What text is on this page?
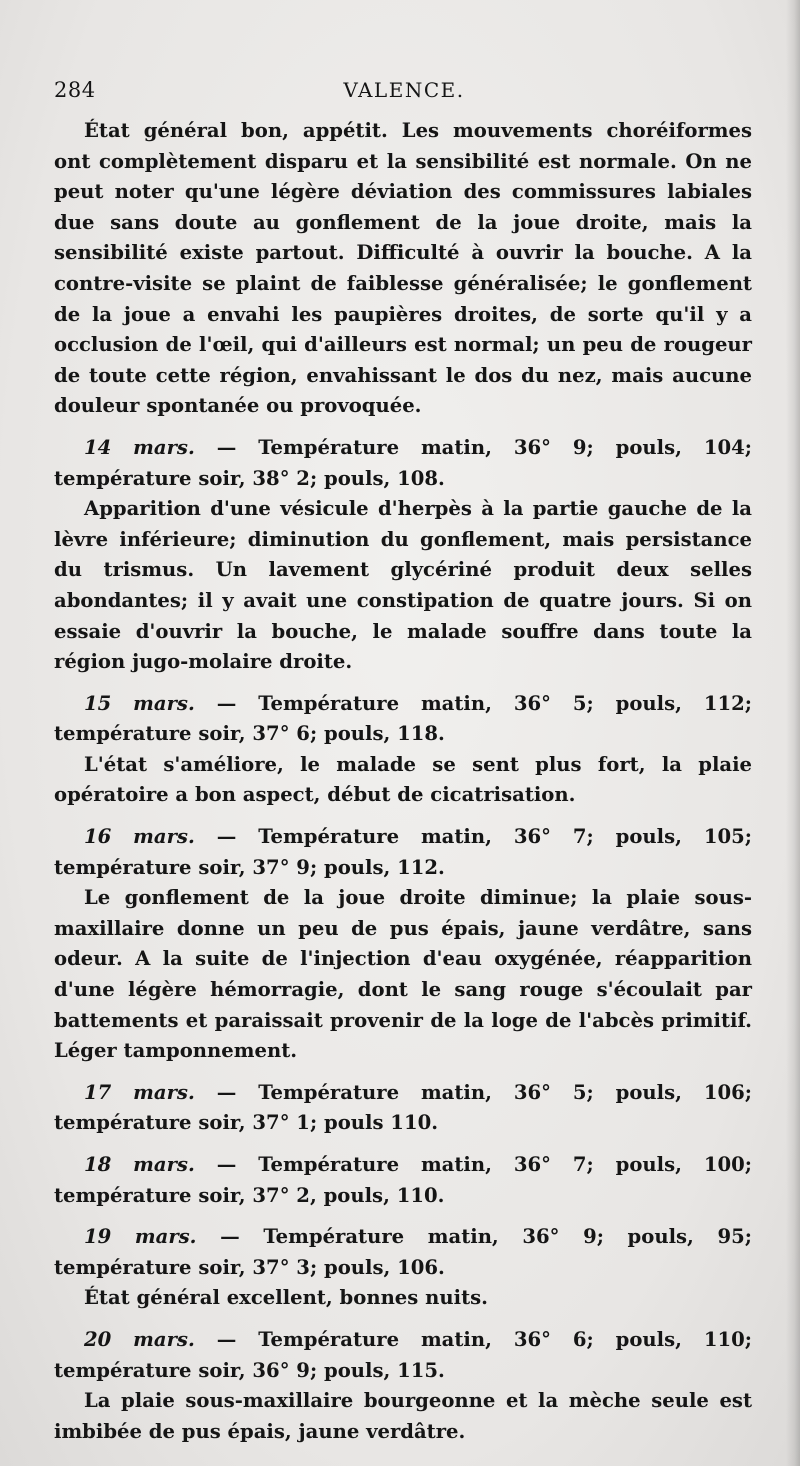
284	VALENCE.

État général bon, appétit. Les mouvements choréiformes ont complètement disparu et la sensibilité est normale. On ne peut noter qu'une légère déviation des commissures labiales due sans doute au gonflement de la joue droite, mais la sensibilité existe partout. Difficulté à ouvrir la bouche. A la contre-visite se plaint de faiblesse généralisée; le gonflement de la joue a envahi les paupières droites, de sorte qu'il y a occlusion de l'œil, qui d'ailleurs est normal; un peu de rougeur de toute cette région, envahissant le dos du nez, mais aucune douleur spontanée ou provoquée.

14 mars. — Température matin, 36° 9; pouls, 104; température soir, 38° 2; pouls, 108.

Apparition d'une vésicule d'herpès à la partie gauche de la lèvre inférieure; diminution du gonflement, mais persistance du trismus. Un lavement glycériné produit deux selles abondantes; il y avait une constipation de quatre jours. Si on essaie d'ouvrir la bouche, le malade souffre dans toute la région jugo-molaire droite.

15 mars. — Température matin, 36° 5; pouls, 112; température soir, 37° 6; pouls, 118.

L'état s'améliore, le malade se sent plus fort, la plaie opératoire a bon aspect, début de cicatrisation.

16 mars. — Température matin, 36° 7; pouls, 105; température soir, 37° 9; pouls, 112.

Le gonflement de la joue droite diminue; la plaie sous-maxillaire donne un peu de pus épais, jaune verdâtre, sans odeur. A la suite de l'injection d'eau oxygénée, réapparition d'une légère hémorragie, dont le sang rouge s'écoulait par battements et paraissait provenir de la loge de l'abcès primitif. Léger tamponnement.

17 mars. — Température matin, 36° 5; pouls, 106; température soir, 37° 1; pouls 110.

18 mars. — Température matin, 36° 7; pouls, 100; température soir, 37° 2, pouls, 110.

19 mars. — Température matin, 36° 9; pouls, 95; température soir, 37° 3; pouls, 106.

État général excellent, bonnes nuits.

20 mars. — Température matin, 36° 6; pouls, 110; température soir, 36° 9; pouls, 115.

La plaie sous-maxillaire bourgeonne et la mèche seule est imbibée de pus épais, jaune verdâtre.
